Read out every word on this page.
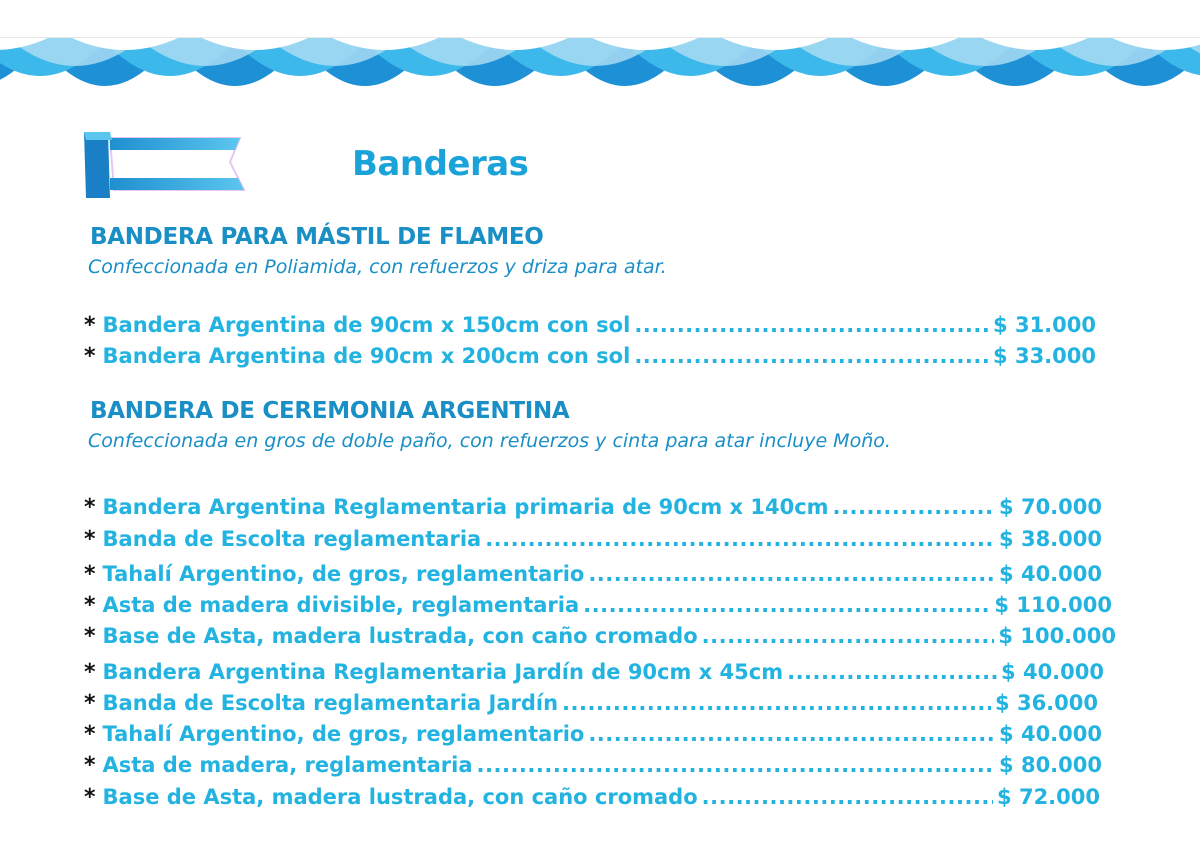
Banderas
BANDERA PARA MÁSTIL DE FLAMEO

Confeccionada en Poliamida, con refuerzos y driza para atar.

* Bandera Argentina de 90cm x 150cm con sol .....	$ 31.000
* Bandera Argentina de 90cm x 200cm con sol .....	$ 33.000
BANDERA DE CEREMONIA ARGENTINA

Confeccionada en gros de doble paño, con refuerzos y cinta para atar incluye Moño.

* Bandera Argentina Reglamentaria primaria de 90cm x 140cm .....	$ 70.000
* Banda de Escolta reglamentaria .....	$ 38.000
* Tahalí Argentino, de gros, reglamentario .....	$ 40.000
* Asta de madera divisible, reglamentaria .....	$ 110.000
* Base de Asta, madera lustrada, con caño cromado .....	$ 100.000
* Bandera Argentina Reglamentaria Jardín de 90cm x 45cm .....	$ 40.000
* Banda de Escolta reglamentaria Jardín .....	$ 36.000
* Tahalí Argentino, de gros, reglamentario .....	$ 40.000
* Asta de madera, reglamentaria .....	$ 80.000
* Base de Asta, madera lustrada, con caño cromado .....	$ 72.000
